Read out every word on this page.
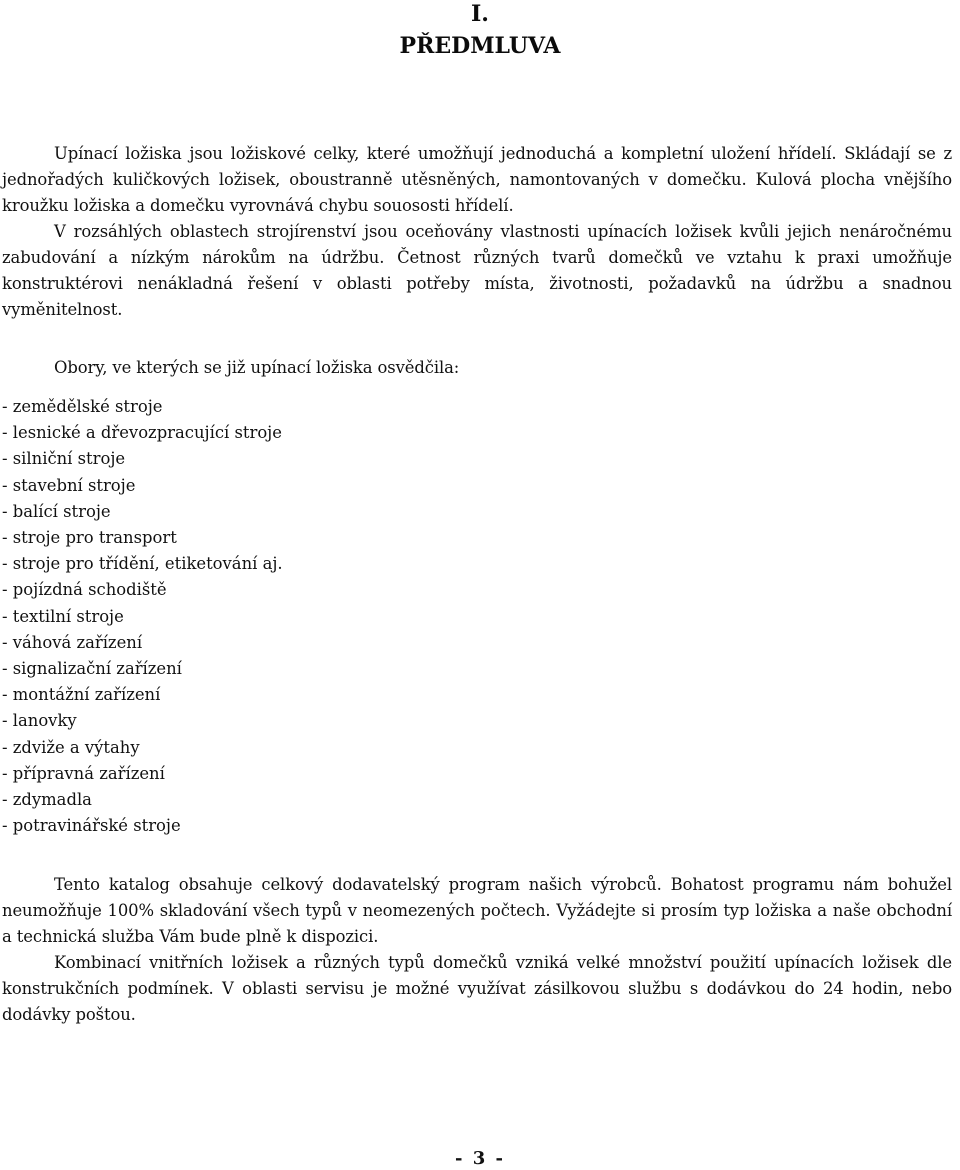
I.
PŘEDMLUVA

Upínací ložiska jsou ložiskové celky, které umožňují jednoduchá a kompletní uložení hřídelí. Skládají se z jednořadých kuličkových ložisek, oboustranně utěsněných, namontovaných v domečku. Kulová plocha vnějšího kroužku ložiska a domečku vyrovnává chybu souososti hřídelí.

V rozsáhlých oblastech strojírenství jsou oceňovány vlastnosti upínacích ložisek kvůli jejich nenáročnému zabudování a nízkým nárokům na údržbu. Četnost různých tvarů domečků ve vztahu k praxi umožňuje konstruktérovi nenákladná řešení v oblasti potřeby místa, životnosti, požadavků na údržbu a snadnou vyměnitelnost.

Obory, ve kterých se již upínací ložiska osvědčila:

- zemědělské stroje
- lesnické a dřevozpracující stroje
- silniční stroje
- stavební stroje
- balící stroje
- stroje pro transport
- stroje pro třídění, etiketování aj.
- pojízdná schodiště
- textilní stroje
- váhová zařízení
- signalizační zařízení
- montážní zařízení
- lanovky
- zdviže a výtahy
- přípravná zařízení
- zdymadla
- potravinářské stroje

Tento katalog obsahuje celkový dodavatelský program našich výrobců. Bohatost programu nám bohužel neumožňuje 100% skladování všech typů v neomezených počtech. Vyžádejte si prosím typ ložiska a naše obchodní a technická služba Vám bude plně k dispozici.

Kombinací vnitřních ložisek a různých typů domečků vzniká velké množství použití upínacích ložisek dle konstrukčních podmínek. V oblasti servisu je možné využívat zásilkovou službu s dodávkou do 24 hodin, nebo dodávky poštou.

- 3 -
